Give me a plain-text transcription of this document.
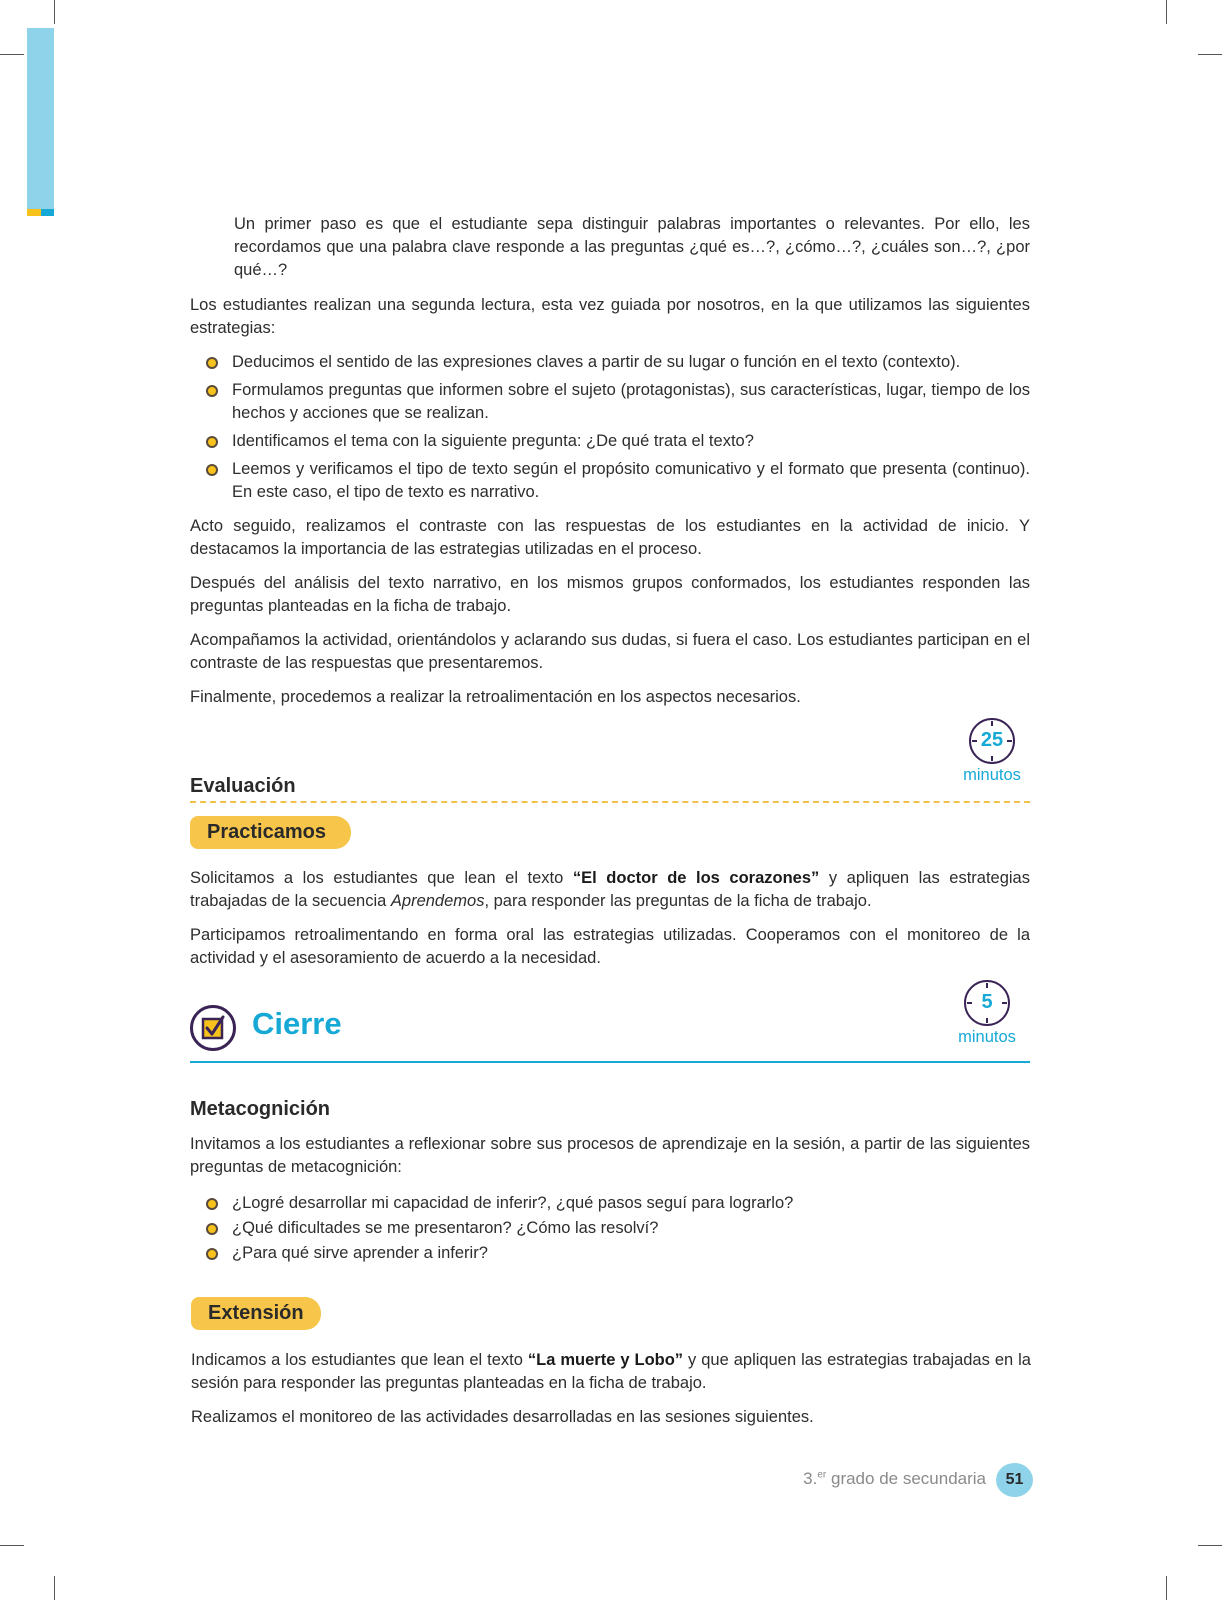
Un primer paso es que el estudiante sepa distinguir palabras importantes o relevantes. Por ello, les recordamos que una palabra clave responde a las preguntas ¿qué es…?, ¿cómo…?, ¿cuáles son…?, ¿por qué…?
Los estudiantes realizan una segunda lectura, esta vez guiada por nosotros, en la que utilizamos las siguientes estrategias:
Deducimos el sentido de las expresiones claves a partir de su lugar o función en el texto (contexto).
Formulamos preguntas que informen sobre el sujeto (protagonistas), sus características, lugar, tiempo de los hechos y acciones que se realizan.
Identificamos el tema con la siguiente pregunta: ¿De qué trata el texto?
Leemos y verificamos el tipo de texto según el propósito comunicativo y el formato que presenta (continuo). En este caso, el tipo de texto es narrativo.
Acto seguido, realizamos el contraste con las respuestas de los estudiantes en la actividad de inicio. Y destacamos la importancia de las estrategias utilizadas en el proceso.
Después del análisis del texto narrativo, en los mismos grupos conformados, los estudiantes responden las preguntas planteadas en la ficha de trabajo.
Acompañamos la actividad, orientándolos y aclarando sus dudas, si fuera el caso. Los estudiantes participan en el contraste de las respuestas que presentaremos.
Finalmente, procedemos a realizar la retroalimentación en los aspectos necesarios.
25
minutos
Evaluación
Practicamos
Solicitamos a los estudiantes que lean el texto “El doctor de los corazones” y apliquen las estrategias trabajadas de la secuencia Aprendemos, para responder las preguntas de la ficha de trabajo.
Participamos retroalimentando en forma oral las estrategias utilizadas. Cooperamos con el monitoreo de la actividad y el asesoramiento de acuerdo a la necesidad.
Cierre
5
minutos
Metacognición
Invitamos a los estudiantes a reflexionar sobre sus procesos de aprendizaje en la sesión, a partir de las siguientes preguntas de metacognición:
¿Logré desarrollar mi capacidad de inferir?, ¿qué pasos seguí para lograrlo?
¿Qué dificultades se me presentaron? ¿Cómo las resolví?
¿Para qué sirve aprender a inferir?
Extensión
Indicamos a los estudiantes que lean el texto “La muerte y Lobo” y que apliquen las estrategias trabajadas en la sesión para responder las preguntas planteadas en la ficha de trabajo.
Realizamos el monitoreo de las actividades desarrolladas en las sesiones siguientes.
3.$^{er}$ grado de secundaria	51
